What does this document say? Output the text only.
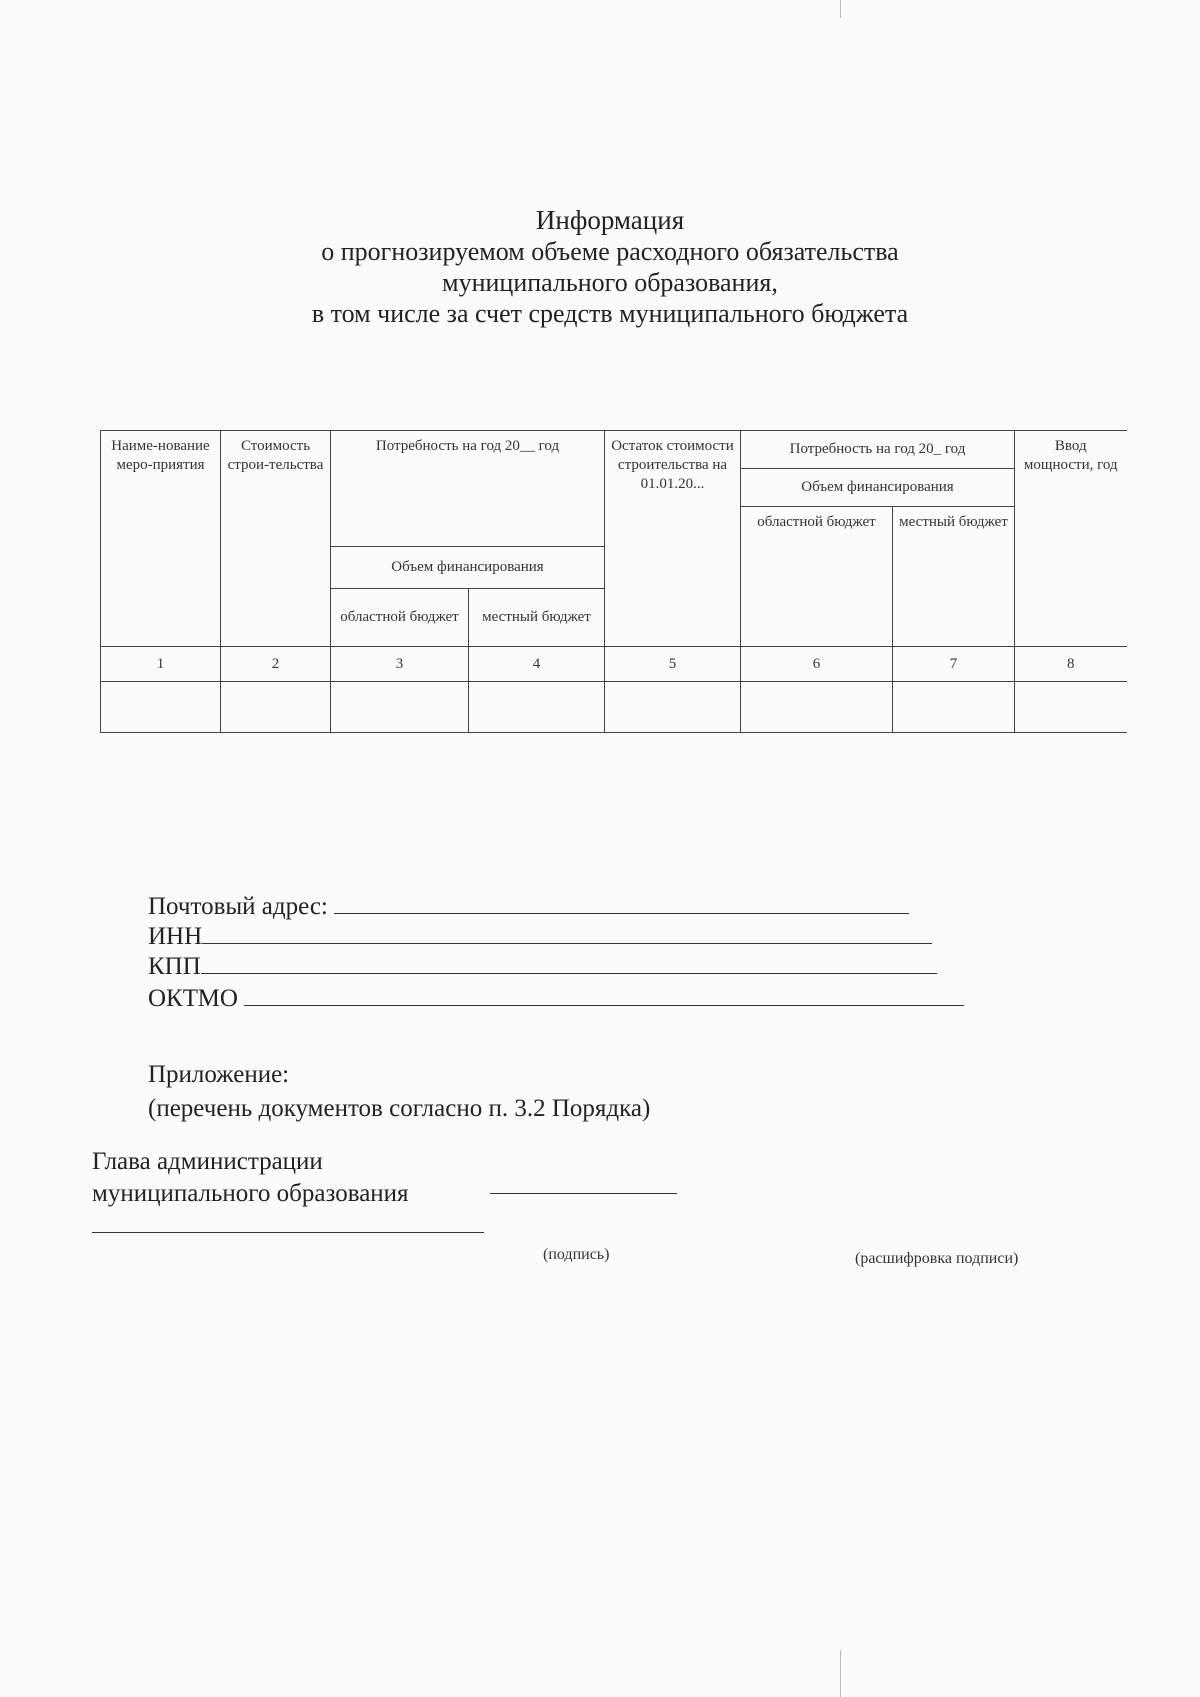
Информация
о прогнозируемом объеме расходного обязательства
муниципального образования,
в том числе за счет средств муниципального бюджета
Наиме-нование меро-приятия	Стоимость строи-тельства	Потребность на год 20__ год		Остаток стоимости строительства на 01.01.20...	Потребность на год 20_ год		Ввод мощности, год
					Объем финансирования		
					областной бюджет	местный бюджет	
		Объем финансирования					
		областной бюджет	местный бюджет				
1	2	3	4	5	6	7	8

Почтовый адрес:
ИНН
КПП
ОКТМО
Приложение:
(перечень документов согласно п. 3.2 Порядка)
Глава администрации
муниципального образования
(подпись)	(расшифровка подписи)
